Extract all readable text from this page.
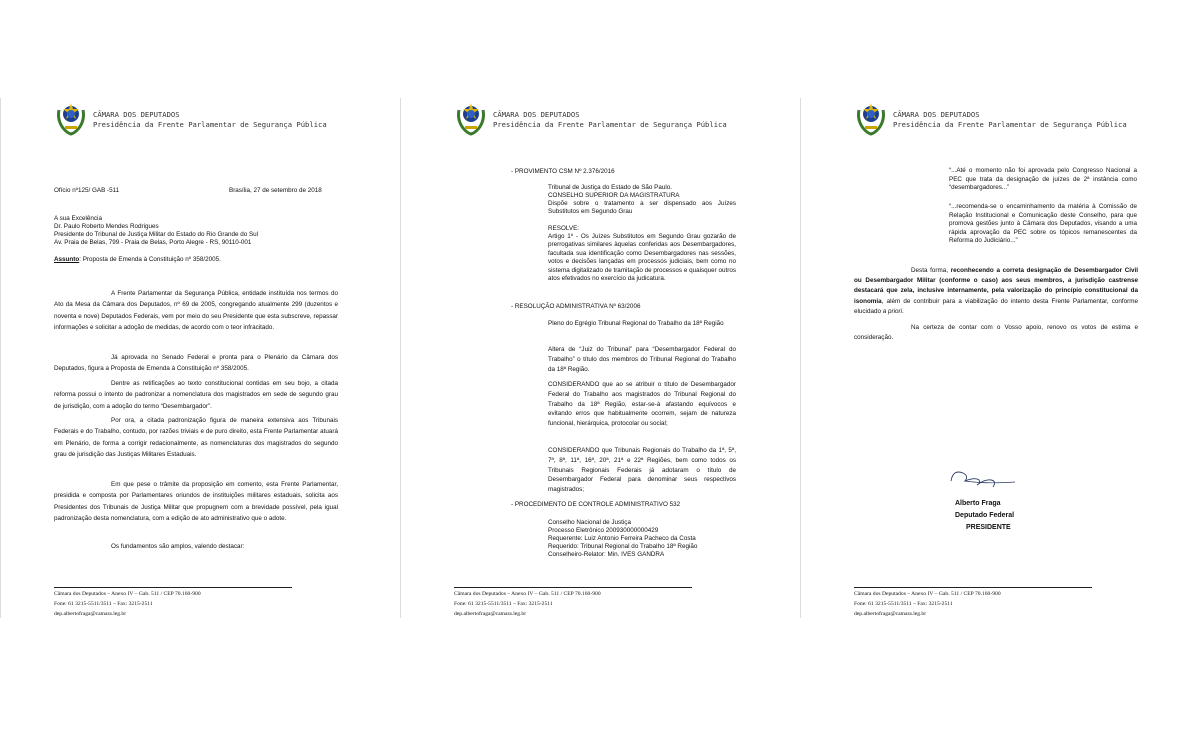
CÂMARA DOS DEPUTADOS
Presidência da Frente Parlamentar de Segurança Pública
Ofício nº125/ GAB -511	Brasília, 27 de setembro de 2018
A sua Excelência
Dr. Paulo Roberto Mendes Rodrigues
Presidente do Tribunal de Justiça Militar do Estado do Rio Grande do Sul
Av. Praia de Belas, 799 - Praia de Belas, Porto Alegre - RS, 90110-001
Assunto: Proposta de Emenda à Constituição nº 358/2005.
A Frente Parlamentar da Segurança Pública, entidade instituída nos termos do Ato da Mesa da Câmara dos Deputados, nº 69 de 2005, congregando atualmente 299 (duzentos e noventa e nove) Deputados Federais, vem por meio do seu Presidente que esta subscreve, repassar informações e solicitar a adoção de medidas, de acordo com o teor infracitado.
Já aprovada no Senado Federal e pronta para o Plenário da Câmara dos Deputados, figura a Proposta de Emenda à Constituição nº 358/2005.
Dentre as retificações ao texto constitucional contidas em seu bojo, a citada reforma possui o intento de padronizar a nomenclatura dos magistrados em sede de segundo grau de jurisdição, com a adoção do termo “Desembargador”.
Por ora, a citada padronização figura de maneira extensiva aos Tribunais Federais e do Trabalho, contudo, por razões triviais e de puro direito, esta Frente Parlamentar atuará em Plenário, de forma a corrigir redacionalmente, as nomenclaturas dos magistrados do segundo grau de jurisdição das Justiças Militares Estaduais.
Em que pese o trâmite da proposição em comento, esta Frente Parlamentar, presidida e composta por Parlamentares oriundos de instituições militares estaduais, solicita aos Presidentes dos Tribunais de Justiça Militar que propugnem com a brevidade possível, pela igual padronização desta nomenclatura, com a edição de ato administrativo que o adote.
Os fundamentos são amplos, valendo destacar:
Câmara dos Deputados – Anexo IV – Gab. 511 / CEP 70.160-900
Fone: 61 3215-5511/3511 – Fax: 3215-2511
dep.albertofraga@camara.leg.br
CÂMARA DOS DEPUTADOS
Presidência da Frente Parlamentar de Segurança Pública
- PROVIMENTO CSM Nº 2.376/2016
Tribunal de Justiça do Estado de São Paulo.
CONSELHO SUPERIOR DA MAGISTRATURA
Dispõe sobre o tratamento a ser dispensado aos Juízes Substitutos em Segundo Grau
RESOLVE:
Artigo 1º - Os Juízes Substitutos em Segundo Grau gozarão de prerrogativas similares àquelas conferidas aos Desembargadores, facultada sua identificação como Desembargadores nas sessões, votos e decisões lançadas em processos judiciais, bem como no sistema digitalizado de tramitação de processos e quaisquer outros atos efetivados no exercício da judicatura.
- RESOLUÇÃO ADMINISTRATIVA Nº 63/2006
Pleno do Egrégio Tribunal Regional do Trabalho da 18ª Região
Altera de “Juiz do Tribunal” para “Desembargador Federal do Trabalho” o título dos membros do Tribunal Regional do Trabalho da 18ª Região.
CONSIDERANDO que ao se atribuir o título de Desembargador Federal do Trabalho aos magistrados do Tribunal Regional do Trabalho da 18ª Região, estar-se-á afastando equívocos e evitando erros que habitualmente ocorrem, sejam de natureza funcional, hierárquica, protocolar ou social;
CONSIDERANDO que Tribunais Regionais do Trabalho da 1ª, 5ª, 7ª, 8ª, 11ª, 16ª, 20ª, 21ª e 22ª Regiões, bem como todos os Tribunais Regionais Federais já adotaram o título de Desembargador Federal para denominar seus respectivos magistrados;
- PROCEDIMENTO DE CONTROLE ADMINISTRATIVO 532
Conselho Nacional de Justiça
Processo Eletrônico 200930000000429
Requerente: Luiz Antonio Ferreira Pacheco da Costa
Requerido: Tribunal Regional do Trabalho 18ª Região
Conselheiro-Relator: Min. IVES GANDRA
Câmara dos Deputados – Anexo IV – Gab. 511 / CEP 70.160-900
Fone: 61 3215-5511/3511 – Fax: 3215-2511
dep.albertofraga@camara.leg.br
CÂMARA DOS DEPUTADOS
Presidência da Frente Parlamentar de Segurança Pública
“...Até o momento não foi aprovada pelo Congresso Nacional a PEC que trata da designação de juízes de 2ª instância como “desembargadores...”
“...recomenda-se o encaminhamento da matéria à Comissão de Relação Institucional e Comunicação deste Conselho, para que promova gestões junto à Câmara dos Deputados, visando a uma rápida aprovação da PEC sobre os tópicos remanescentes da Reforma do Judiciário...”
Desta forma, reconhecendo a correta designação de Desembargador Civil ou Desembargador Militar (conforme o caso) aos seus membros, a jurisdição castrense destacará que zela, inclusive internamente, pela valorização do princípio constitucional da isonomia, além de contribuir para a viabilização do intento desta Frente Parlamentar, conforme elucidado a priori.
Na certeza de contar com o Vosso apoio, renovo os votos de estima e consideração.
Alberto Fraga
Deputado Federal
PRESIDENTE
Câmara dos Deputados – Anexo IV – Gab. 511 / CEP 70.160-900
Fone: 61 3215-5511/3511 – Fax: 3215-2511
dep.albertofraga@camara.leg.br
